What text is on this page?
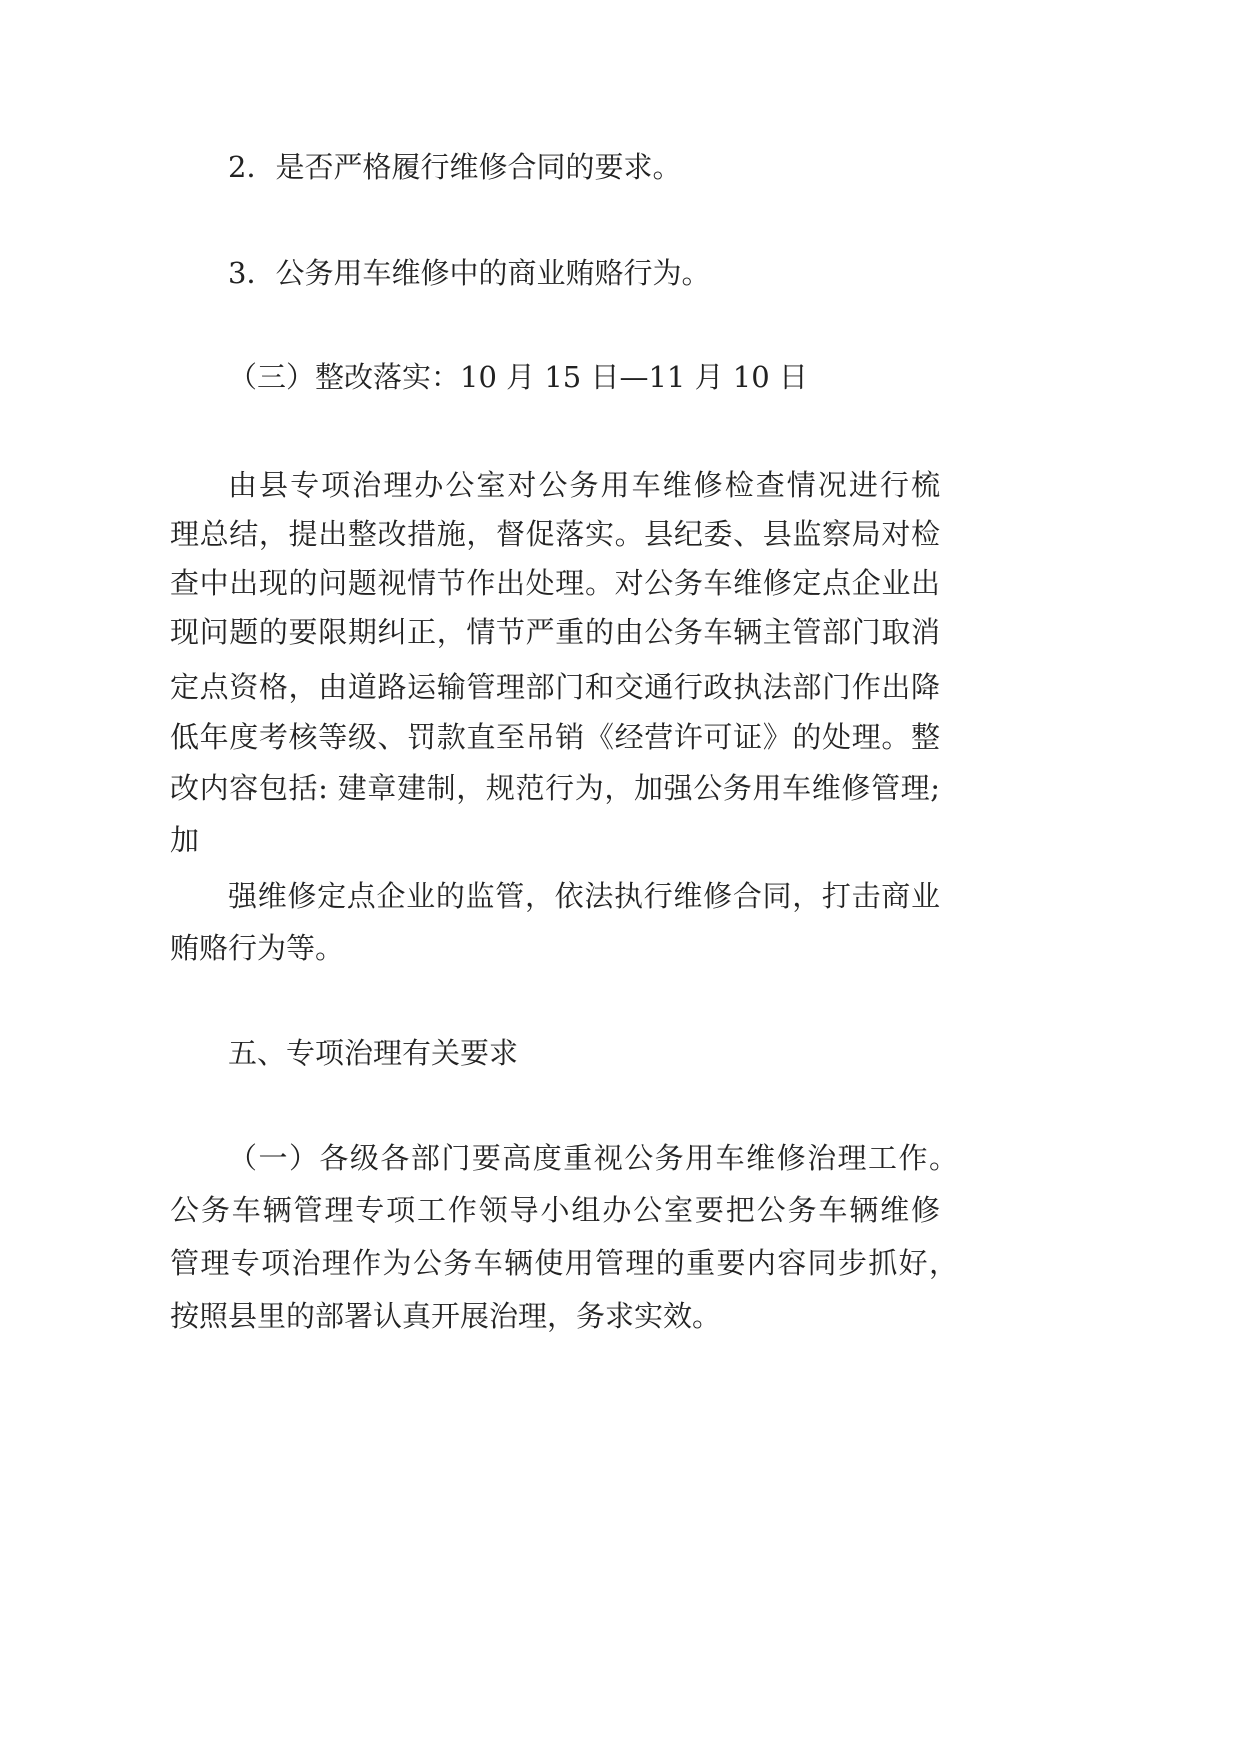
2．是否严格履行维修合同的要求。

3．公务用车维修中的商业贿赂行为。

（三）整改落实：10 月 15 日—11 月 10 日

由县专项治理办公室对公务用车维修检查情况进行梳

理总结，提出整改措施，督促落实。县纪委、县监察局对检

查中出现的问题视情节作出处理。对公务车维修定点企业出

现问题的要限期纠正，情节严重的由公务车辆主管部门取消

定点资格，由道路运输管理部门和交通行政执法部门作出降

低年度考核等级、罚款直至吊销《经营许可证》的处理。整

改内容包括: 建章建制，规范行为，加强公务用车维修管理;

加

强维修定点企业的监管，依法执行维修合同，打击商业

贿赂行为等。

五、专项治理有关要求

（一）各级各部门要高度重视公务用车维修治理工作。

公务车辆管理专项工作领导小组办公室要把公务车辆维修

管理专项治理作为公务车辆使用管理的重要内容同步抓好，

按照县里的部署认真开展治理，务求实效。
